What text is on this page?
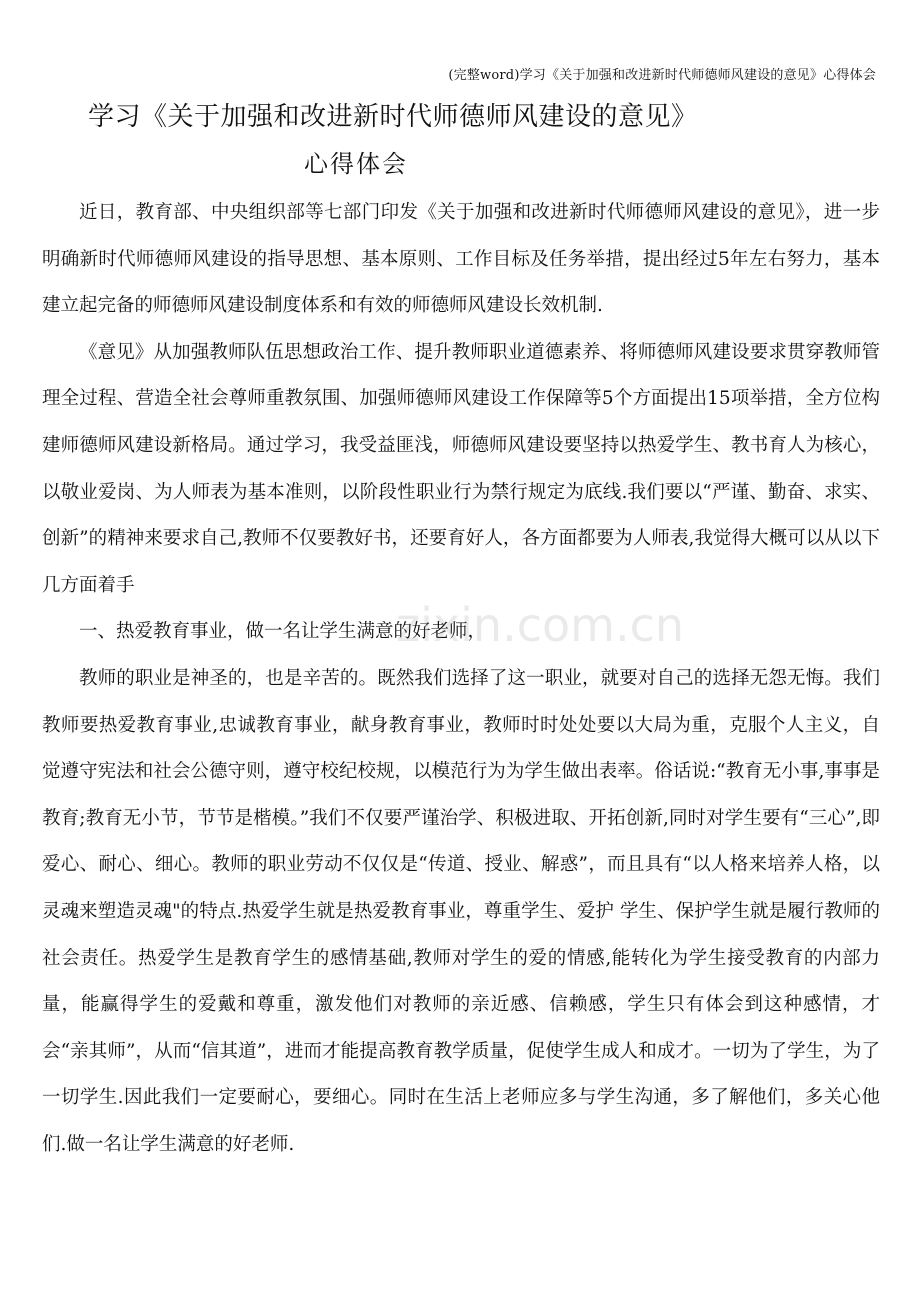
(完整word)学习《关于加强和改进新时代师德师风建设的意见》心得体会
学习《关于加强和改进新时代师德师风建设的意见》
心得体会

近日，教育部、中央组织部等七部门印发《关于加强和改进新时代师德师风建设的意见》，进一步明确新时代师德师风建设的指导思想、基本原则、工作目标及任务举措，提出经过5年左右努力，基本建立起完备的师德师风建设制度体系和有效的师德师风建设长效机制.

《意见》从加强教师队伍思想政治工作、提升教师职业道德素养、将师德师风建设要求贯穿教师管理全过程、营造全社会尊师重教氛围、加强师德师风建设工作保障等5个方面提出15项举措，全方位构建师德师风建设新格局。通过学习，我受益匪浅，师德师风建设要坚持以热爱学生、教书育人为核心，以敬业爱岗、为人师表为基本准则，以阶段性职业行为禁行规定为底线.我们要以“严谨、勤奋、求实、创新”的精神来要求自己,教师不仅要教好书，还要育好人，各方面都要为人师表,我觉得大概可以从以下几方面着手

一、热爱教育事业，做一名让学生满意的好老师，

教师的职业是神圣的，也是辛苦的。既然我们选择了这一职业，就要对自己的选择无怨无悔。我们教师要热爱教育事业,忠诚教育事业，献身教育事业，教师时时处处要以大局为重，克服个人主义，自觉遵守宪法和社会公德守则，遵守校纪校规，以模范行为为学生做出表率。俗话说:“教育无小事,事事是教育;教育无小节，节节是楷模。”我们不仅要严谨治学、积极进取、开拓创新,同时对学生要有“三心”,即爱心、耐心、细心。教师的职业劳动不仅仅是“传道、授业、解惑”，而且具有“以人格来培养人格，以灵魂来塑造灵魂"的特点.热爱学生就是热爱教育事业，尊重学生、爱护 学生、保护学生就是履行教师的社会责任。热爱学生是教育学生的感情基础,教师对学生的爱的情感,能转化为学生接受教育的内部力量，能赢得学生的爱戴和尊重，激发他们对教师的亲近感、信赖感，学生只有体会到这种感情，才会“亲其师”，从而“信其道”，进而才能提高教育教学质量，促使学生成人和成才。一切为了学生，为了一切学生.因此我们一定要耐心，要细心。同时在生活上老师应多与学生沟通，多了解他们，多关心他们.做一名让学生满意的好老师.

zixin.com.cn
